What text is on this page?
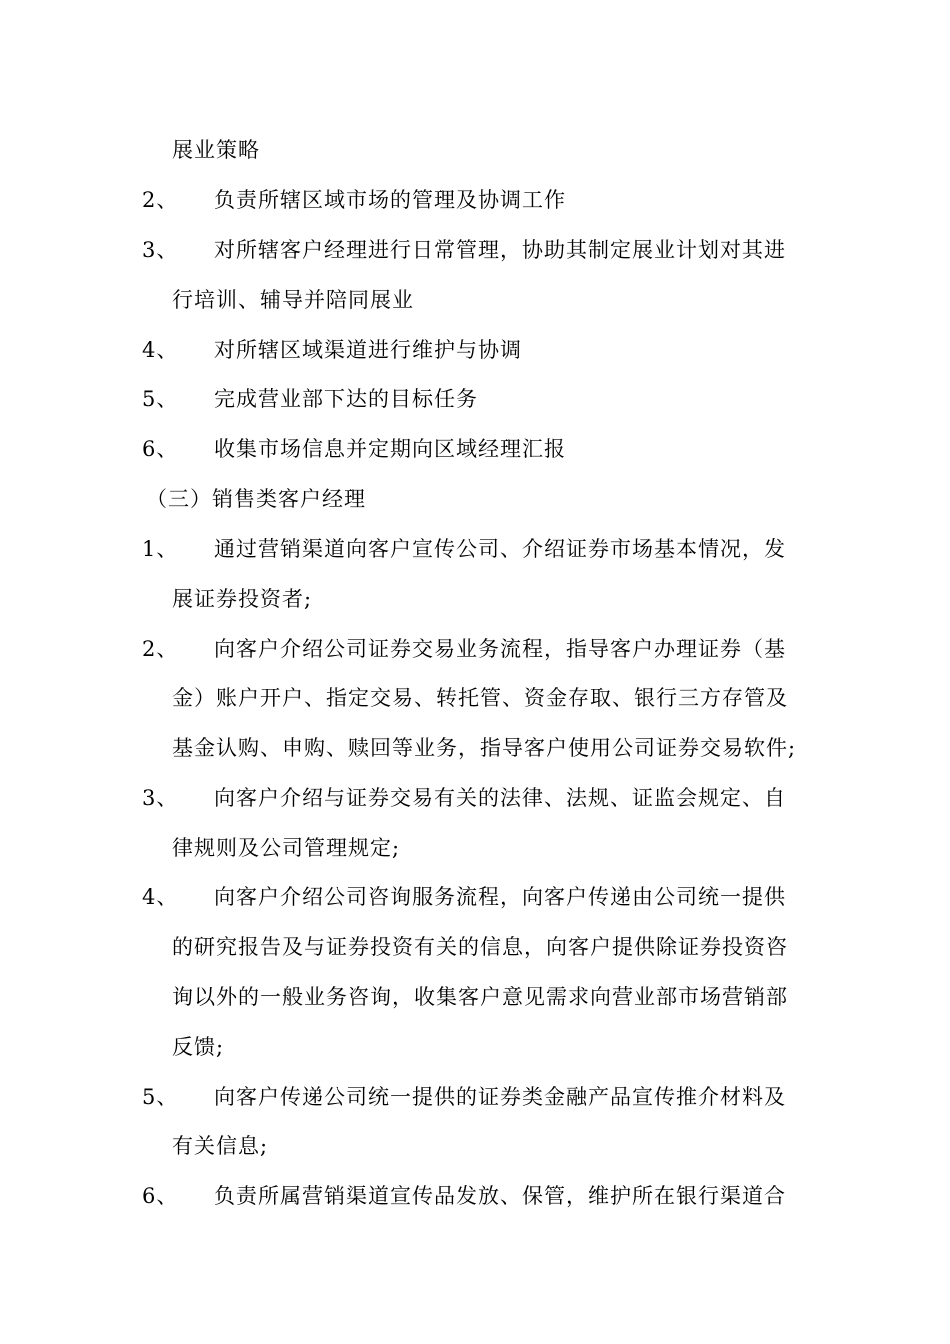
展业策略
2、 负责所辖区域市场的管理及协调工作
3、 对所辖客户经理进行日常管理，协助其制定展业计划对其进
行培训、辅导并陪同展业
4、 对所辖区域渠道进行维护与协调
5、 完成营业部下达的目标任务
6、 收集市场信息并定期向区域经理汇报
（三）销售类客户经理
1、 通过营销渠道向客户宣传公司、介绍证券市场基本情况，发
展证券投资者;
2、 向客户介绍公司证券交易业务流程，指导客户办理证券（基
金）账户开户、指定交易、转托管、资金存取、银行三方存管及
基金认购、申购、赎回等业务，指导客户使用公司证券交易软件;
3、 向客户介绍与证券交易有关的法律、法规、证监会规定、自
律规则及公司管理规定;
4、 向客户介绍公司咨询服务流程，向客户传递由公司统一提供
的研究报告及与证券投资有关的信息，向客户提供除证券投资咨
询以外的一般业务咨询，收集客户意见需求向营业部市场营销部
反馈;
5、 向客户传递公司统一提供的证券类金融产品宣传推介材料及
有关信息;
6、 负责所属营销渠道宣传品发放、保管，维护所在银行渠道合
